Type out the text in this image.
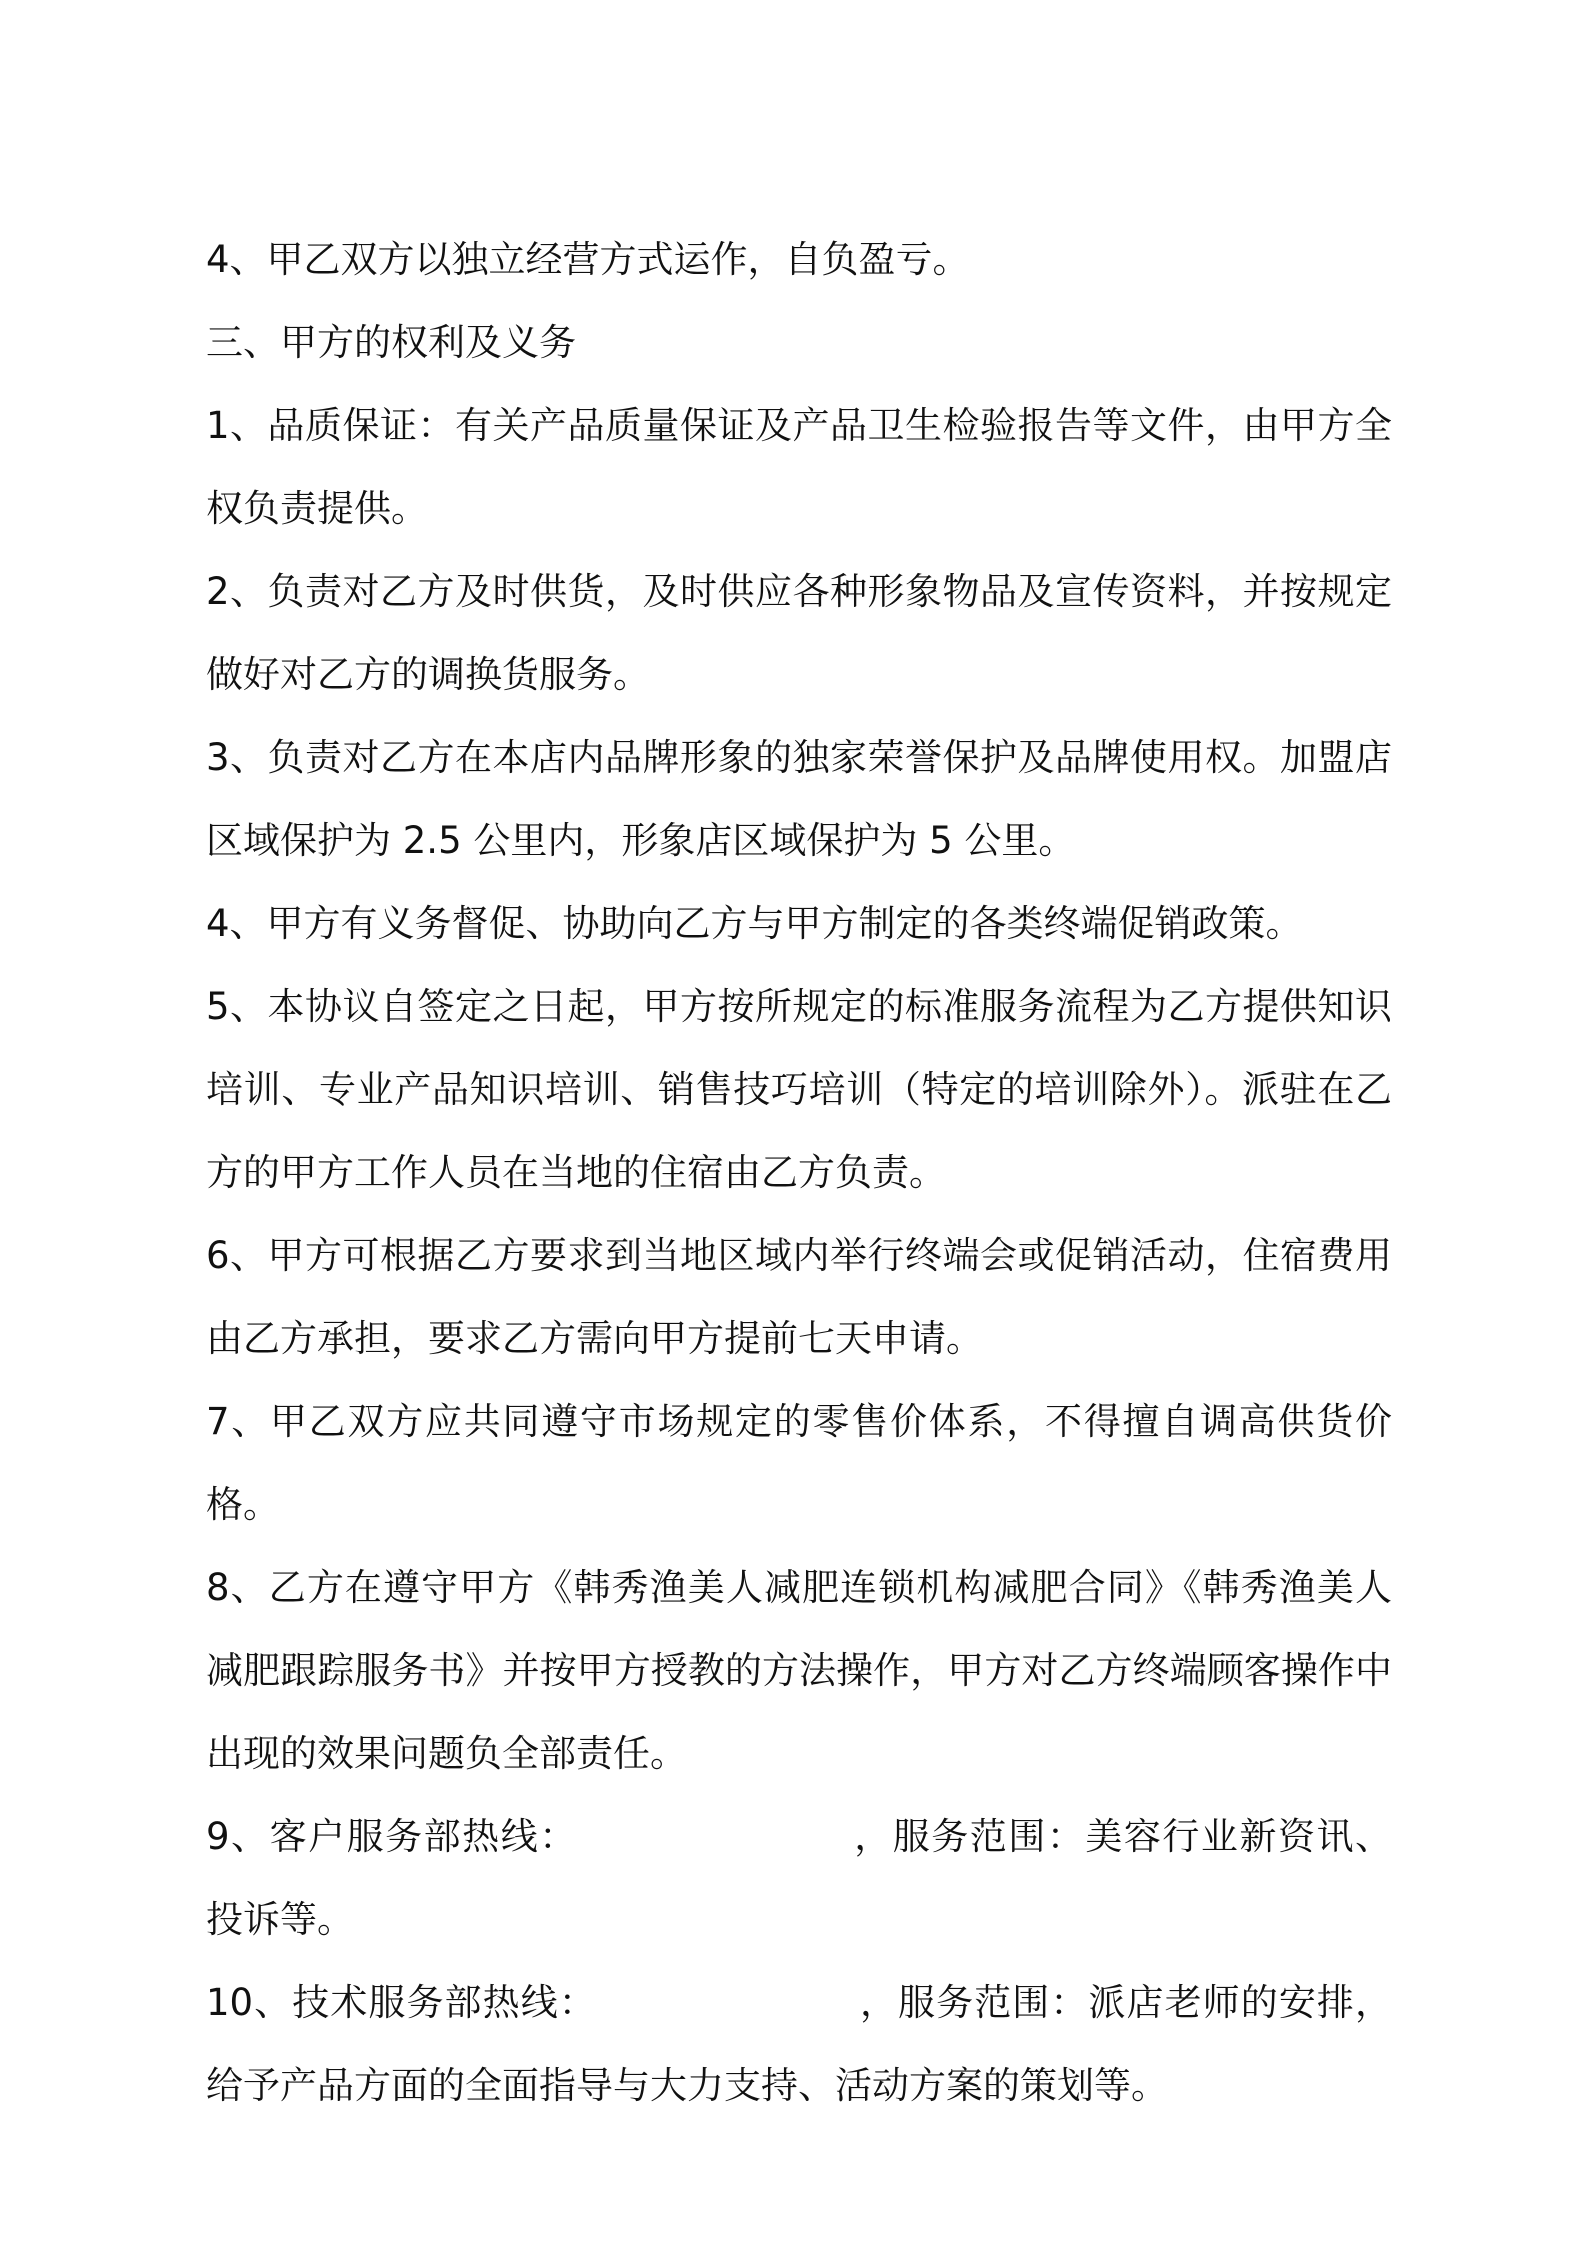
4、甲乙双方以独立经营方式运作，自负盈亏。

三、甲方的权利及义务

1、品质保证：有关产品质量保证及产品卫生检验报告等文件，由甲方全权负责提供。

2、负责对乙方及时供货，及时供应各种形象物品及宣传资料，并按规定做好对乙方的调换货服务。

3、负责对乙方在本店内品牌形象的独家荣誉保护及品牌使用权。加盟店区域保护为 2.5 公里内，形象店区域保护为 5 公里。

4、甲方有义务督促、协助向乙方与甲方制定的各类终端促销政策。

5、本协议自签定之日起，甲方按所规定的标准服务流程为乙方提供知识培训、专业产品知识培训、销售技巧培训（特定的培训除外）。派驻在乙方的甲方工作人员在当地的住宿由乙方负责。

6、甲方可根据乙方要求到当地区域内举行终端会或促销活动，住宿费用由乙方承担，要求乙方需向甲方提前七天申请。

7、甲乙双方应共同遵守市场规定的零售价体系，不得擅自调高供货价格。

8、乙方在遵守甲方《韩秀渔美人减肥连锁机构减肥合同》《韩秀渔美人减肥跟踪服务书》并按甲方授教的方法操作，甲方对乙方终端顾客操作中出现的效果问题负全部责任。

9、客户服务部热线：	，服务范围：美容行业新资讯、投诉等。

10、技术服务部热线：	，服务范围：派店老师的安排，给予产品方面的全面指导与大力支持、活动方案的策划等。
